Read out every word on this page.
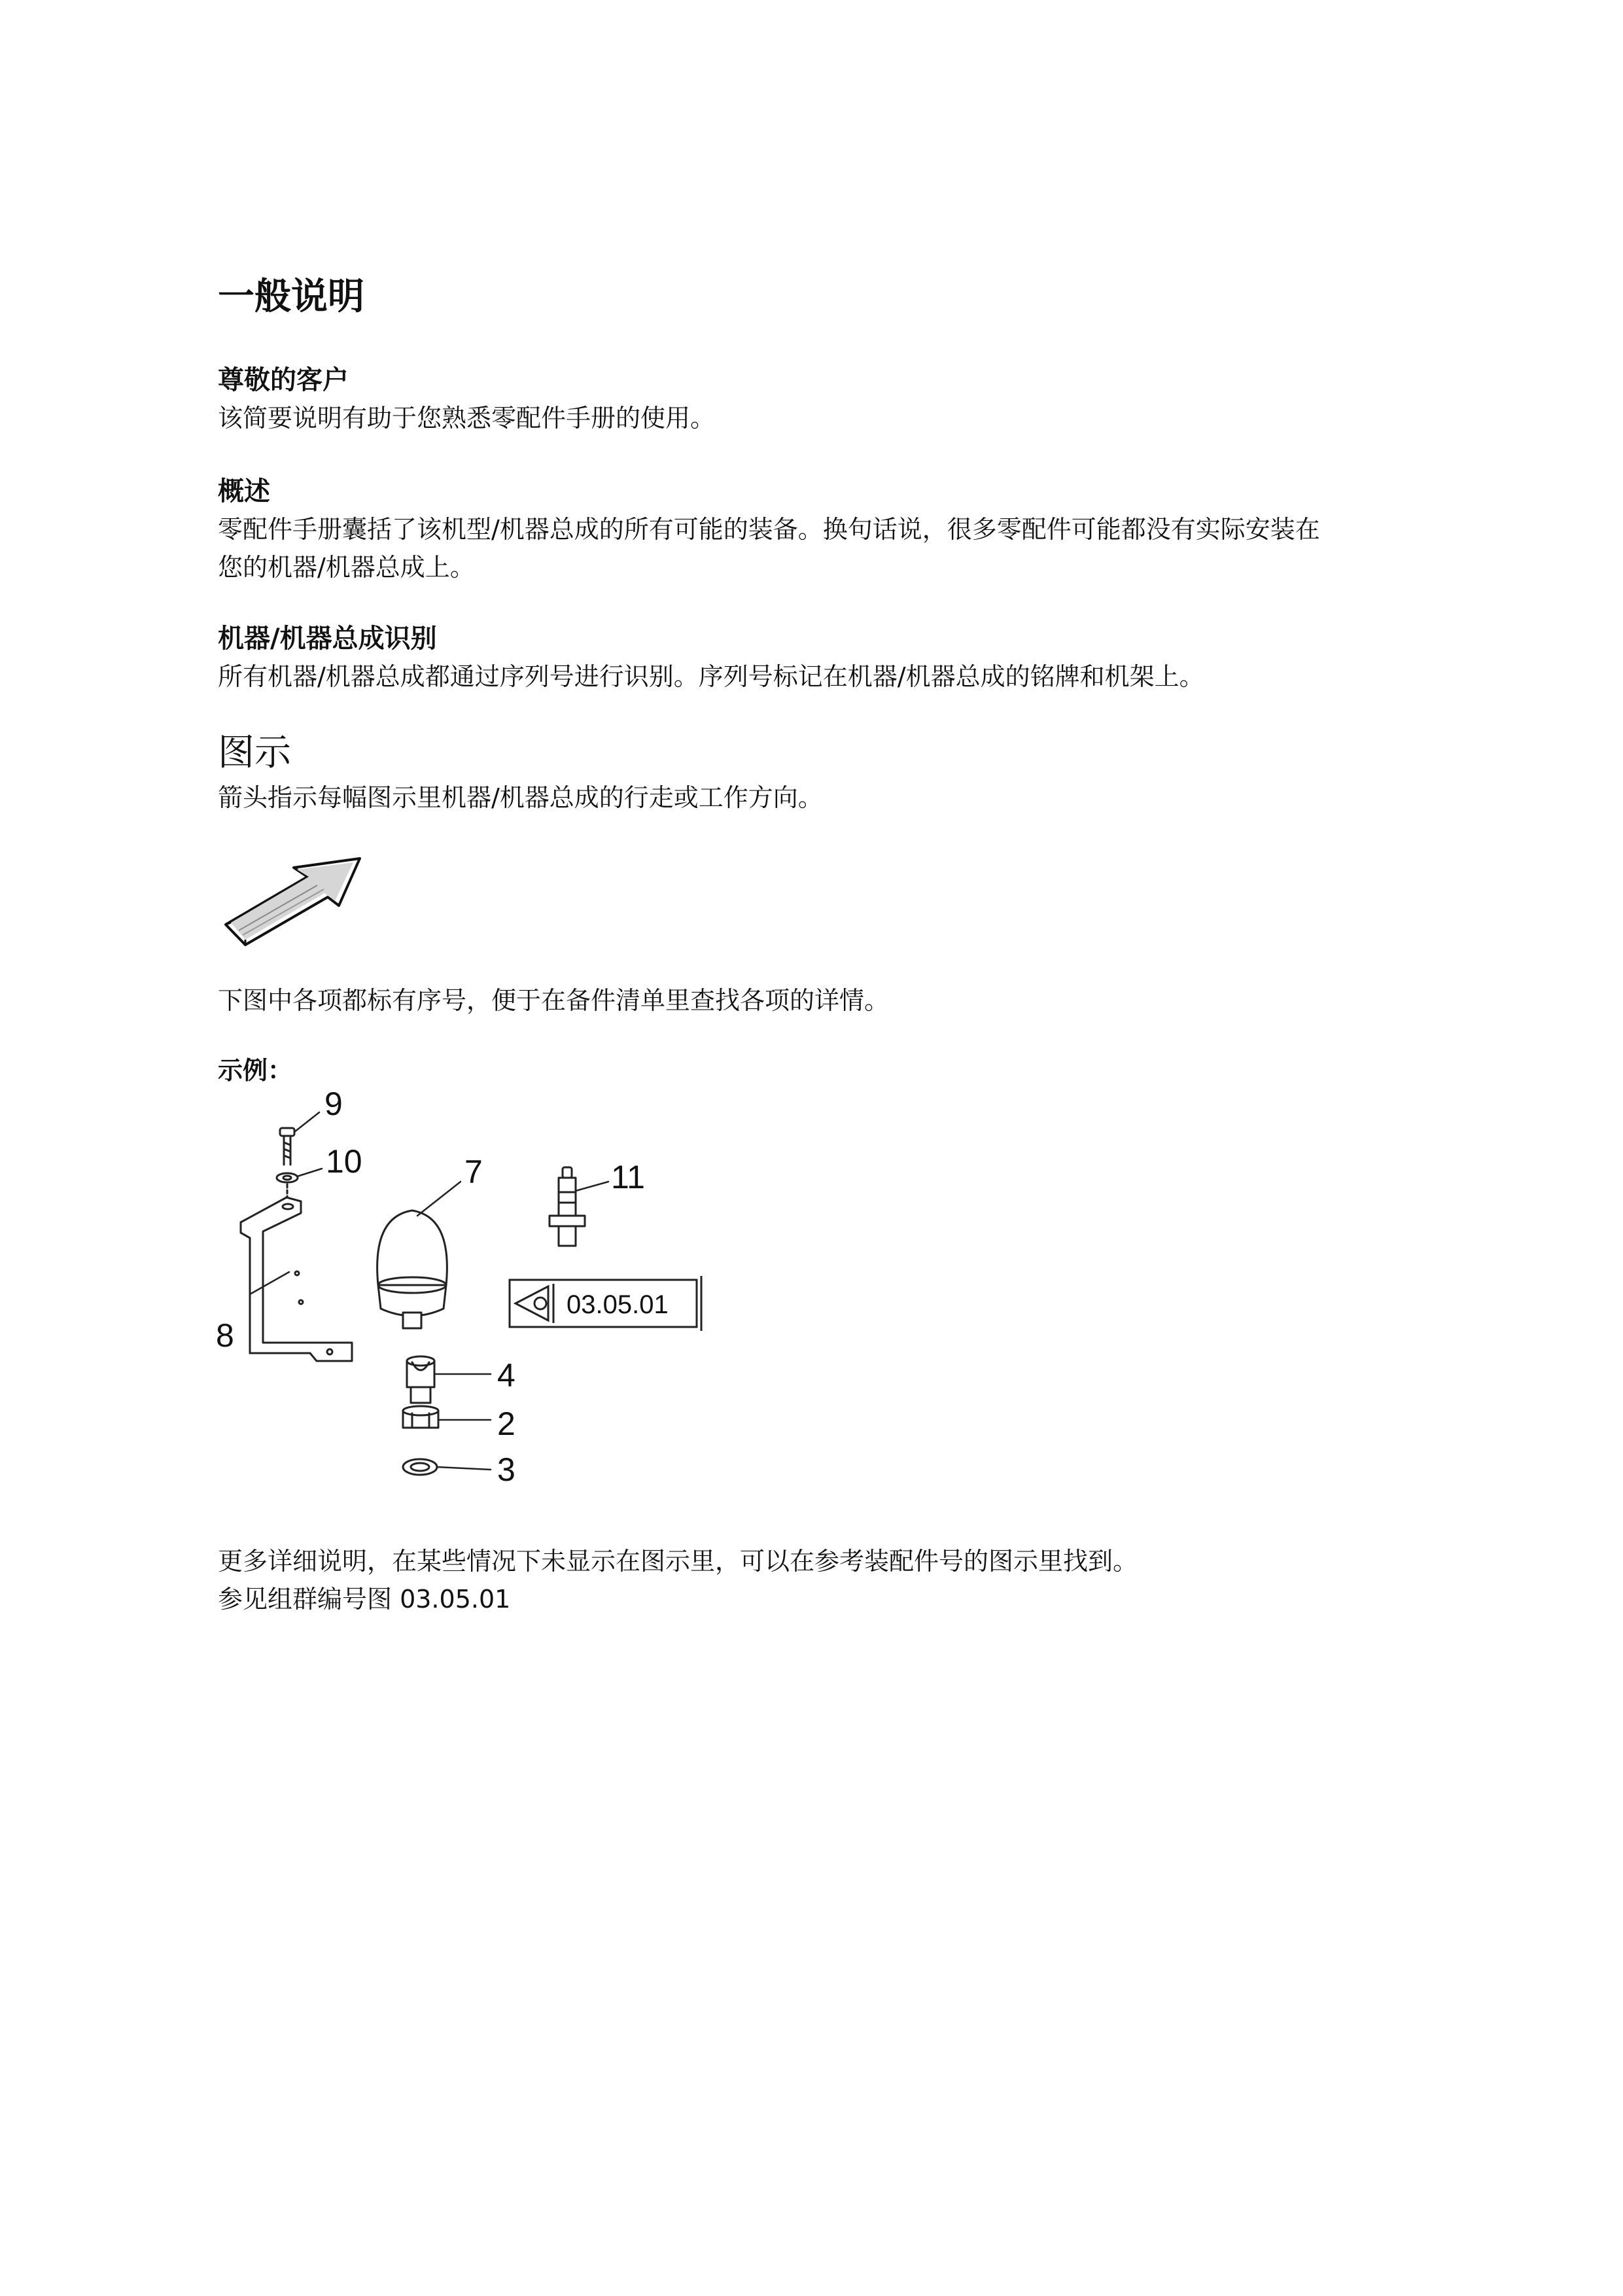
一般说明
尊敬的客户
该简要说明有助于您熟悉零配件手册的使用。
概述
零配件手册囊括了该机型/机器总成的所有可能的装备。换句话说，很多零配件可能都没有实际安装在
您的机器/机器总成上。
机器/机器总成识别
所有机器/机器总成都通过序列号进行识别。序列号标记在机器/机器总成的铭牌和机架上。
图示
箭头指示每幅图示里机器/机器总成的行走或工作方向。
下图中各项都标有序号，便于在备件清单里查找各项的详情。
示例：
9
10	7	11
8
4
2
3
03.05.01
更多详细说明，在某些情况下未显示在图示里，可以在参考装配件号的图示里找到。
参见组群编号图 03.05.01
